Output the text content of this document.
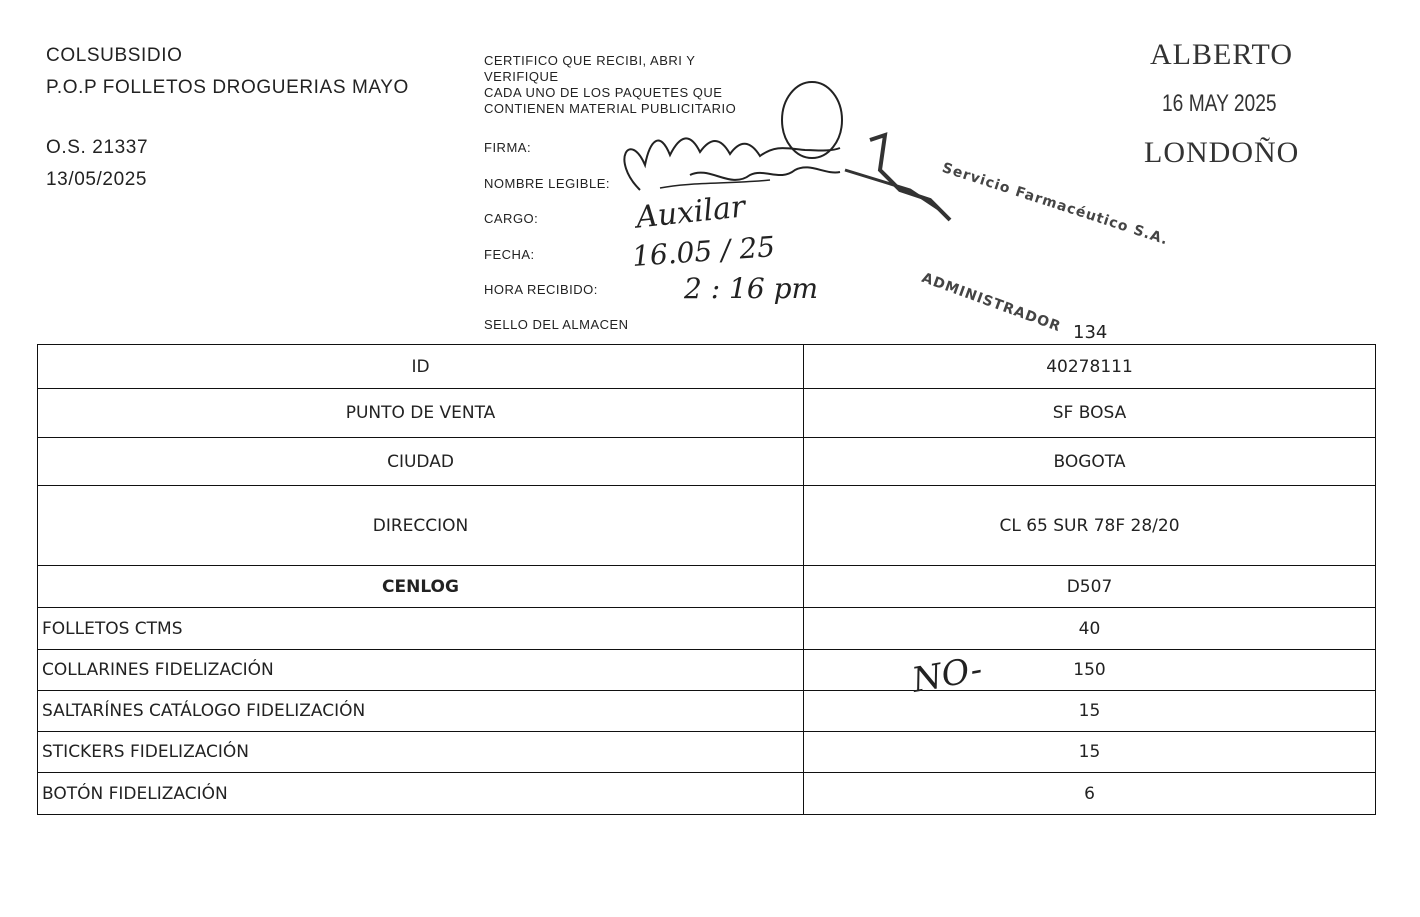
COLSUBSIDIO
P.O.P FOLLETOS DROGUERIAS MAYO
O.S. 21337
13/05/2025
CERTIFICO QUE RECIBI, ABRI Y
VERIFIQUE
CADA UNO DE LOS PAQUETES QUE
CONTIENEN MATERIAL PUBLICITARIO
FIRMA:
NOMBRE LEGIBLE:
CARGO:
FECHA:
HORA RECIBIDO:
SELLO DEL ALMACEN
Auxilar
16.05 / 25
2 : 16 pm
ALBERTO
16 MAY 2025
LONDOÑO
Servicio Farmacéutico S.A.
ADMINISTRADOR 134
ID	40278111
PUNTO DE VENTA	SF BOSA
CIUDAD	BOGOTA
DIRECCION	CL 65 SUR 78F 28/20
CENLOG	D507
FOLLETOS CTMS	40
COLLARINES FIDELIZACIÓN	150
SALTARÍNES CATÁLOGO FIDELIZACIÓN	15
STICKERS FIDELIZACIÓN	15
BOTÓN FIDELIZACIÓN	6
NO-
